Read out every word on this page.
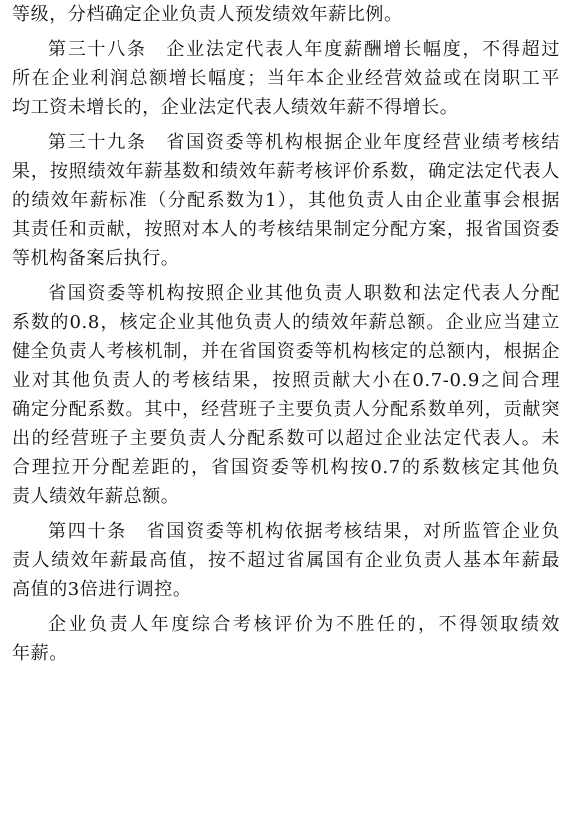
等级，分档确定企业负责人预发绩效年薪比例。
第三十八条　企业法定代表人年度薪酬增长幅度，不得超过
所在企业利润总额增长幅度；当年本企业经营效益或在岗职工平
均工资未增长的，企业法定代表人绩效年薪不得增长。
第三十九条　省国资委等机构根据企业年度经营业绩考核结
果，按照绩效年薪基数和绩效年薪考核评价系数，确定法定代表人
的绩效年薪标准（分配系数为1），其他负责人由企业董事会根据
其责任和贡献，按照对本人的考核结果制定分配方案，报省国资委
等机构备案后执行。
省国资委等机构按照企业其他负责人职数和法定代表人分配
系数的0.8，核定企业其他负责人的绩效年薪总额。企业应当建立
健全负责人考核机制，并在省国资委等机构核定的总额内，根据企
业对其他负责人的考核结果，按照贡献大小在0.7-0.9之间合理
确定分配系数。其中，经营班子主要负责人分配系数单列，贡献突
出的经营班子主要负责人分配系数可以超过企业法定代表人。未
合理拉开分配差距的，省国资委等机构按0.7的系数核定其他负
责人绩效年薪总额。
第四十条　省国资委等机构依据考核结果，对所监管企业负
责人绩效年薪最高值，按不超过省属国有企业负责人基本年薪最
高值的3倍进行调控。
企业负责人年度综合考核评价为不胜任的，不得领取绩效
年薪。
